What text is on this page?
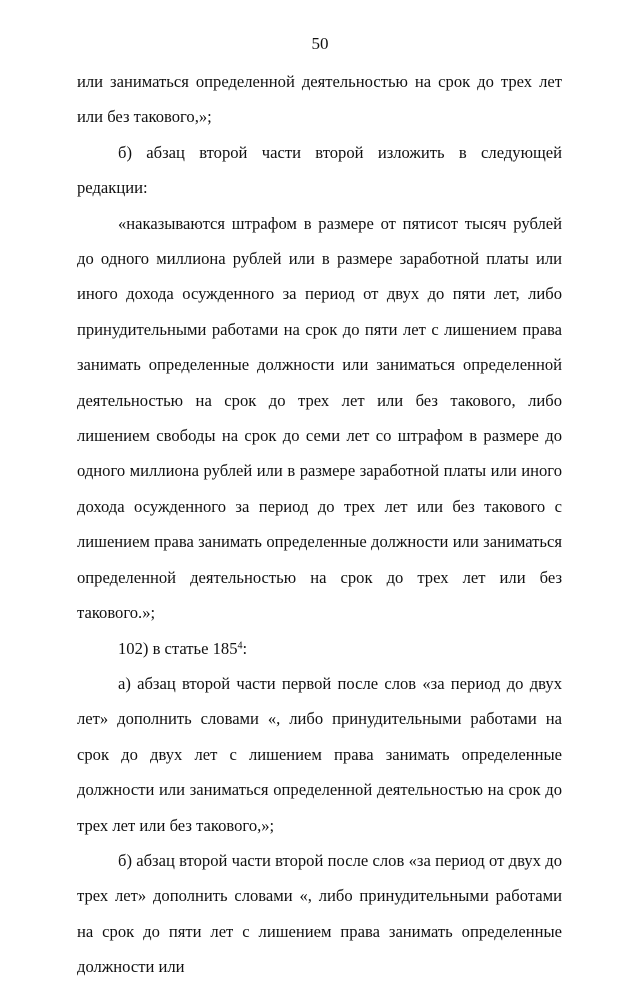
50

или заниматься определенной деятельностью на срок до трех лет или без такового,»;

б) абзац второй части второй изложить в следующей редакции:

«наказываются штрафом в размере от пятисот тысяч рублей до одного миллиона рублей или в размере заработной платы или иного дохода осужденного за период от двух до пяти лет, либо принудительными работами на срок до пяти лет с лишением права занимать определенные должности или заниматься определенной деятельностью на срок до трех лет или без такового, либо лишением свободы на срок до семи лет со штрафом в размере до одного миллиона рублей или в размере заработной платы или иного дохода осужденного за период до трех лет или без такового с лишением права занимать определенные должности или заниматься определенной деятельностью на срок до трех лет или без такового.»;

102) в статье $185^4$:

а) абзац второй части первой после слов «за период до двух лет» дополнить словами «, либо принудительными работами на срок до двух лет с лишением права занимать определенные должности или заниматься определенной деятельностью на срок до трех лет или без такового,»;

б) абзац второй части второй после слов «за период от двух до трех лет» дополнить словами «, либо принудительными работами на срок до пяти лет с лишением права занимать определенные должности или
